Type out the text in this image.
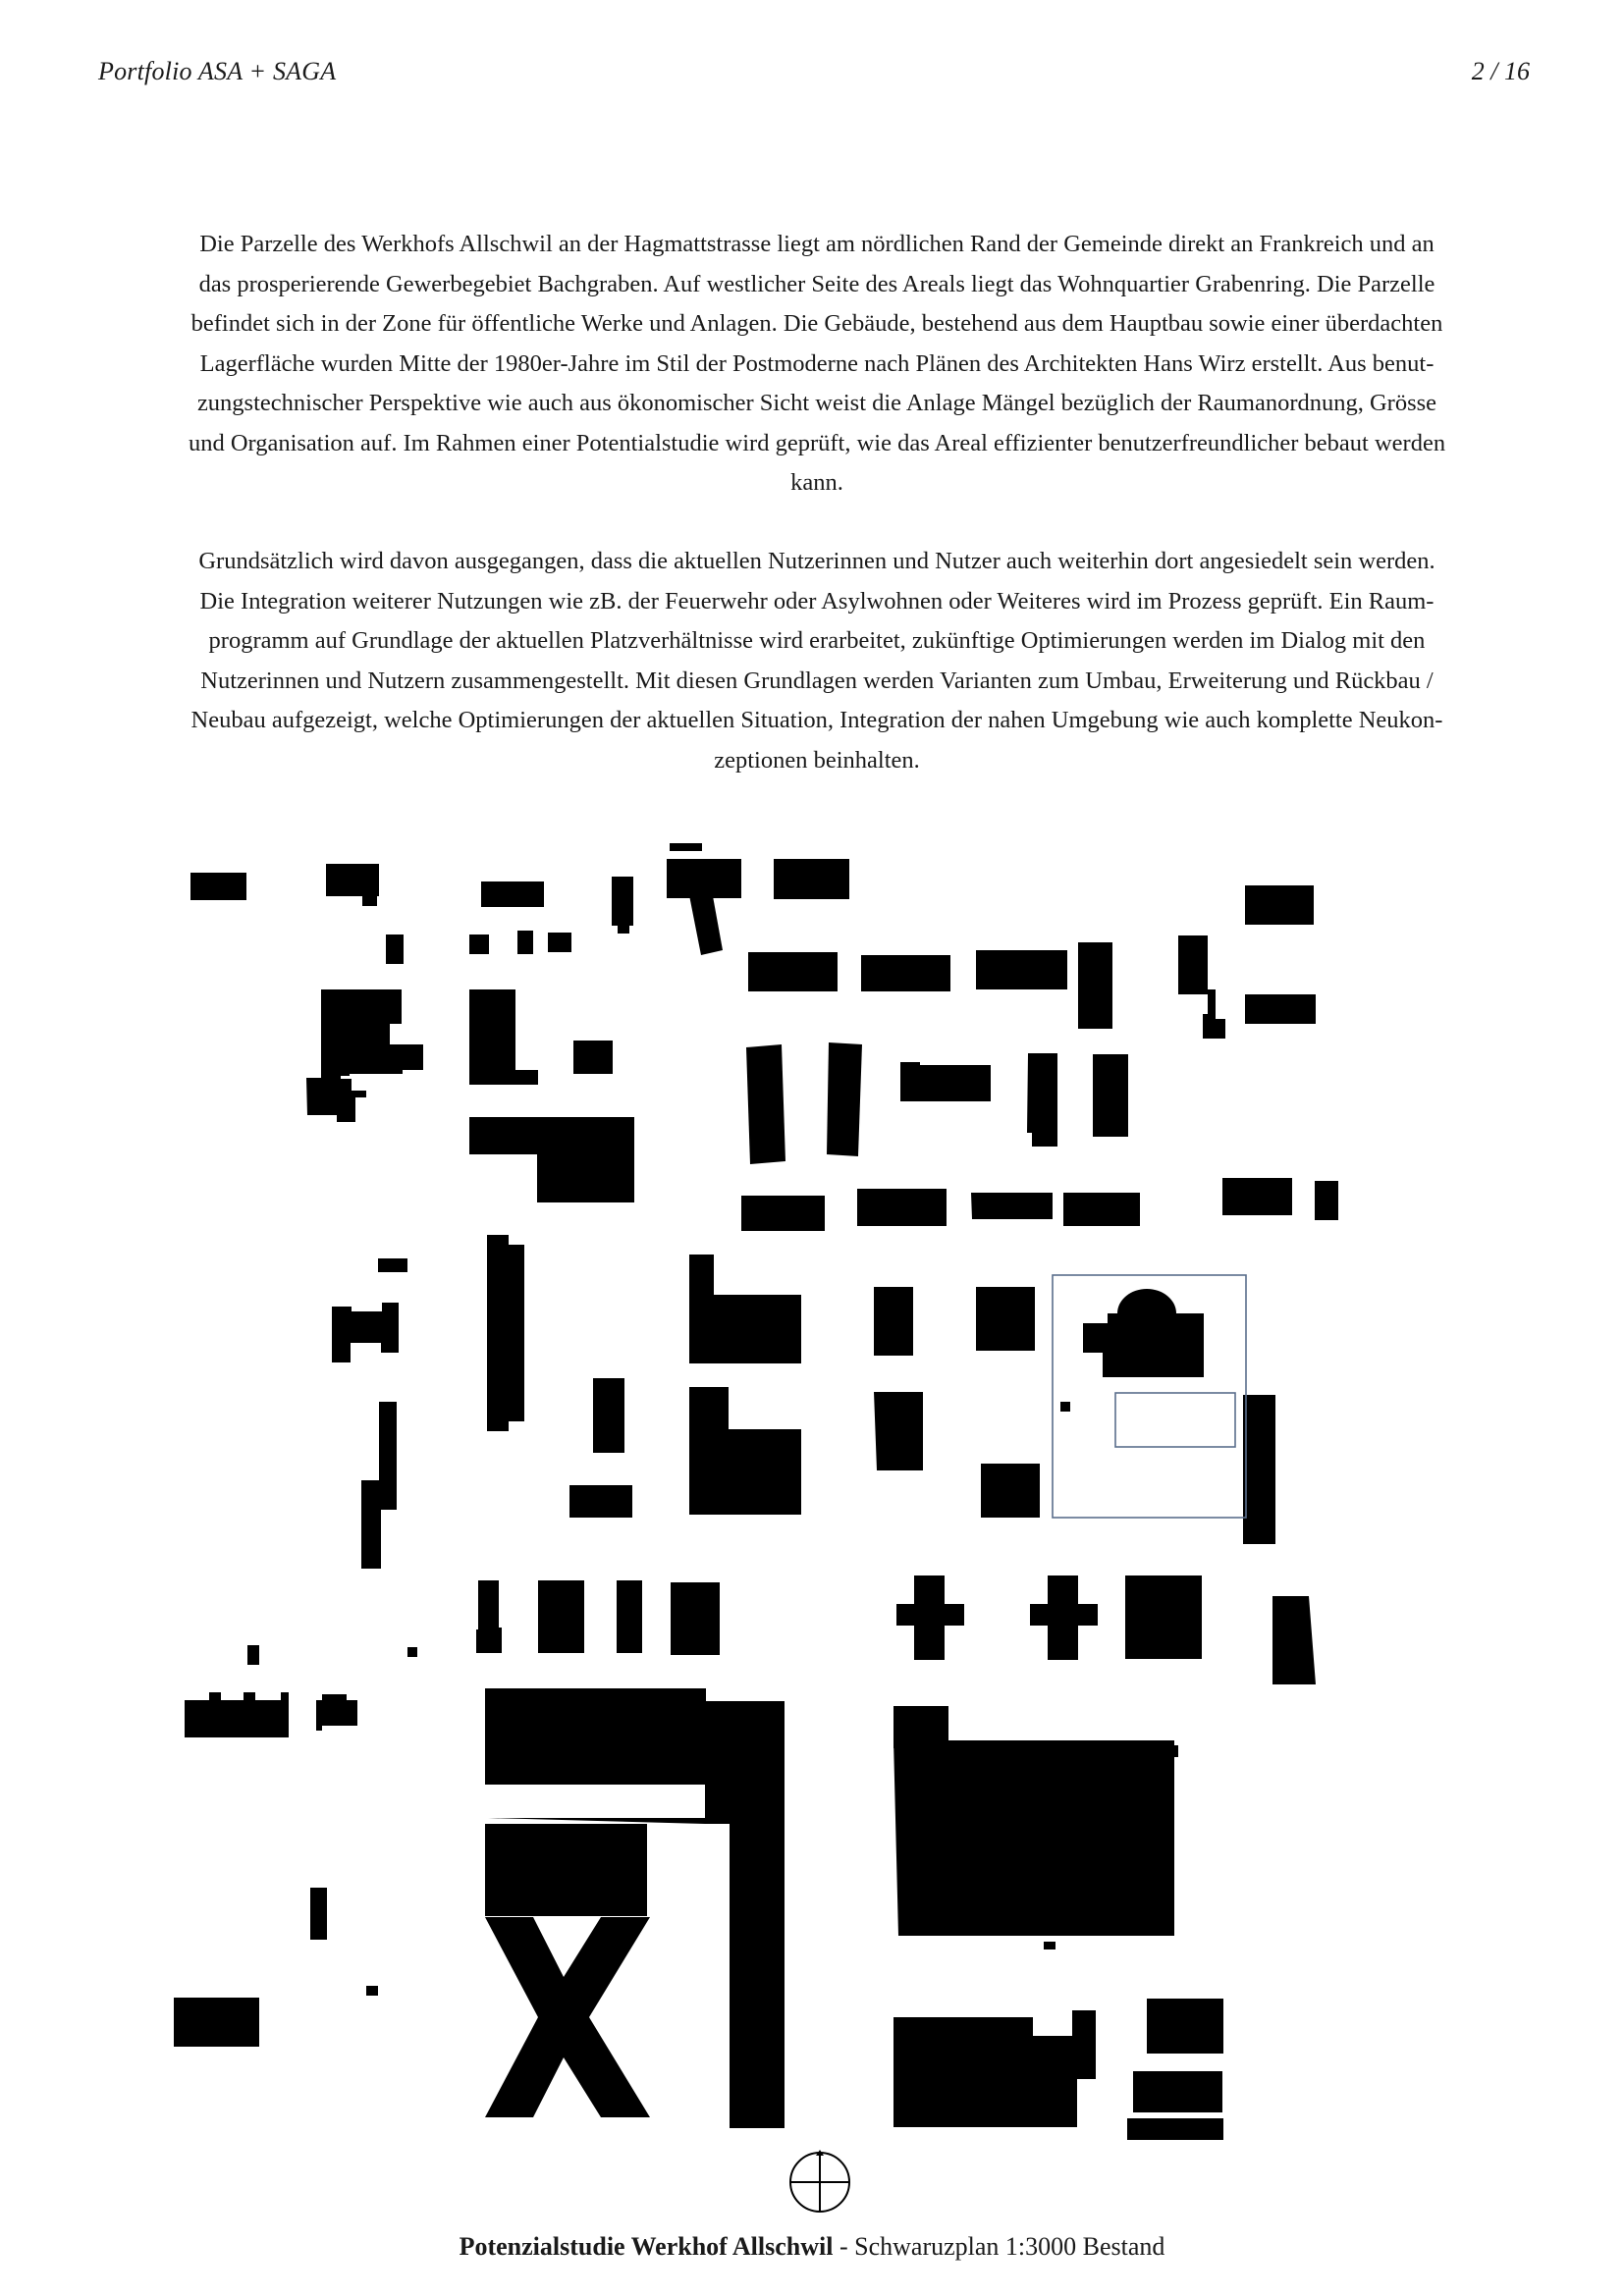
Portfolio ASA + SAGA	2 / 16
Die Parzelle des Werkhofs Allschwil an der Hagmattstrasse liegt am nördlichen Rand der Gemeinde direkt an Frankreich und an
das prosperierende Gewerbegebiet Bachgraben. Auf westlicher Seite des Areals liegt das Wohnquartier Grabenring. Die Parzelle
befindet sich in der Zone für öffentliche Werke und Anlagen. Die Gebäude, bestehend aus dem Hauptbau sowie einer überdachten
Lagerfläche wurden Mitte der 1980er-Jahre im Stil der Postmoderne nach Plänen des Architekten Hans Wirz erstellt. Aus benut-
zungstechnischer Perspektive wie auch aus ökonomischer Sicht weist die Anlage Mängel bezüglich der Raumanordnung, Grösse
und Organisation auf. Im Rahmen einer Potentialstudie wird geprüft, wie das Areal effizienter benutzerfreundlicher bebaut werden
kann.
Grundsätzlich wird davon ausgegangen, dass die aktuellen Nutzerinnen und Nutzer auch weiterhin dort angesiedelt sein werden.
Die Integration weiterer Nutzungen wie zB. der Feuerwehr oder Asylwohnen oder Weiteres wird im Prozess geprüft. Ein Raum-
programm auf Grundlage der aktuellen Platzverhältnisse wird erarbeitet, zukünftige Optimierungen werden im Dialog mit den
Nutzerinnen und Nutzern zusammengestellt. Mit diesen Grundlagen werden Varianten zum Umbau, Erweiterung und Rückbau /
Neubau aufgezeigt, welche Optimierungen der aktuellen Situation, Integration der nahen Umgebung wie auch komplette Neukon-
zeptionen beinhalten.
Potenzialstudie Werkhof Allschwil - Schwaruzplan 1:3000 Bestand
